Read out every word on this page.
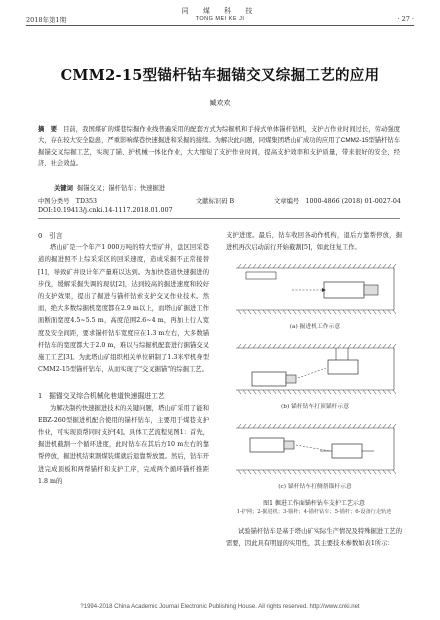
同 煤 科 技
2018年第1期	TONG MEI KE JI	· 27 ·
CMM2-15型锚杆钻车掘锚交叉综掘工艺的应用
臧欢欢
摘　要 目前，我国煤矿的煤巷综掘作业线普遍采用的配套方式为综掘机和手持式单体锚杆钻机，支护占作业时间过长，劳动强度大，存在较大安全隐患，严重影响煤巷快速掘进和采掘的接续。为解决此问题，同煤集团塔山矿成功的应用了CMM2-15型锚杆钻车掘锚交叉综掘工艺，实现了锚、护机械一体化作业，大大缩短了支护作业时间，提高支护效率和支护质量，带来很好的安全、经济、社会效益。
关键词 掘锚交叉；锚杆钻车；快速掘进
中图分类号　TD353	文献标识码 B	文章编号　1000-4866 (2018) 01-0027-04
DOI:10.19413/j.cnki.14-1117.2018.01.007

0　引言

塔山矿是一个年产1 000万吨的特大型矿井，盘区回采巷道的掘进照不上综采采区的回采速度，造成采掘不正常接替[1]，导致矿井设计年产量难以达到。为加快巷道快速掘进的步伐，缓解采掘失调的现状[2]，达到较高的掘进速度和较好的支护效果，提出了掘进与锚杆钻索支护交叉作业技术。然而，绝大多数综掘机宽度都在2.9 m以上，而塔山矿掘进工作面断面宽度4.5~5.5 m，高度范围2.6~4 m，再加上行人宽度及安全间距，要求锚杆钻车宽度应在1.3 m左右，大多数锚杆钻车的宽度都大于2.0 m，难以与综掘机配套进行掘锚交叉施工工艺[3]。为此塔山矿组织相关单位研制了1.3米窄机身型CMM2-15型锚杆钻车，从而实现了"交叉掘锚"的综掘工艺。

1　掘锚交叉综合机械化巷道快速掘进工艺

为解决制约快速掘进技术的关键问题，塔山矿采用了能和EBZ-260型掘进机配合使用的锚杆钻车，主要用于煤巷支护作业，可实现顶帮同时支护[4]。具体工艺流程见图1：首先，掘进机截割一个循环进度，此时钻车在其后方10 m左右的靠帮停放，掘进机结束割煤装煤就后退靠帮放置。然后，钻车开进完成顶板和两帮锚杆和支护工序，完成两个循环锚杆推距1.8 m的

支护进度。最后，钻车收回各动作机构，退后方靠帮停放，掘进机再次启动前行开始截割[5]，如此往复工作。

(a) 掘进机工作示意
(b) 锚杆钻车打顶锚杆示意
(c) 锚杆钻车打侧帮锚杆示意
图1 掘进工作面锚杆钻车支护工艺示意
1-护网；2-掘进机；3-锚杆；4-锚杆钻车；5-锚杆；6-设备行走轨迹

试验锚杆钻车是基于塔山矿实际生产情况及特殊掘进工艺的需要，因此具有明显的实用性，其主要技术参数如表1所示：

?1994-2018 China Academic Journal Electronic Publishing House. All rights reserved. http://www.cnki.net
